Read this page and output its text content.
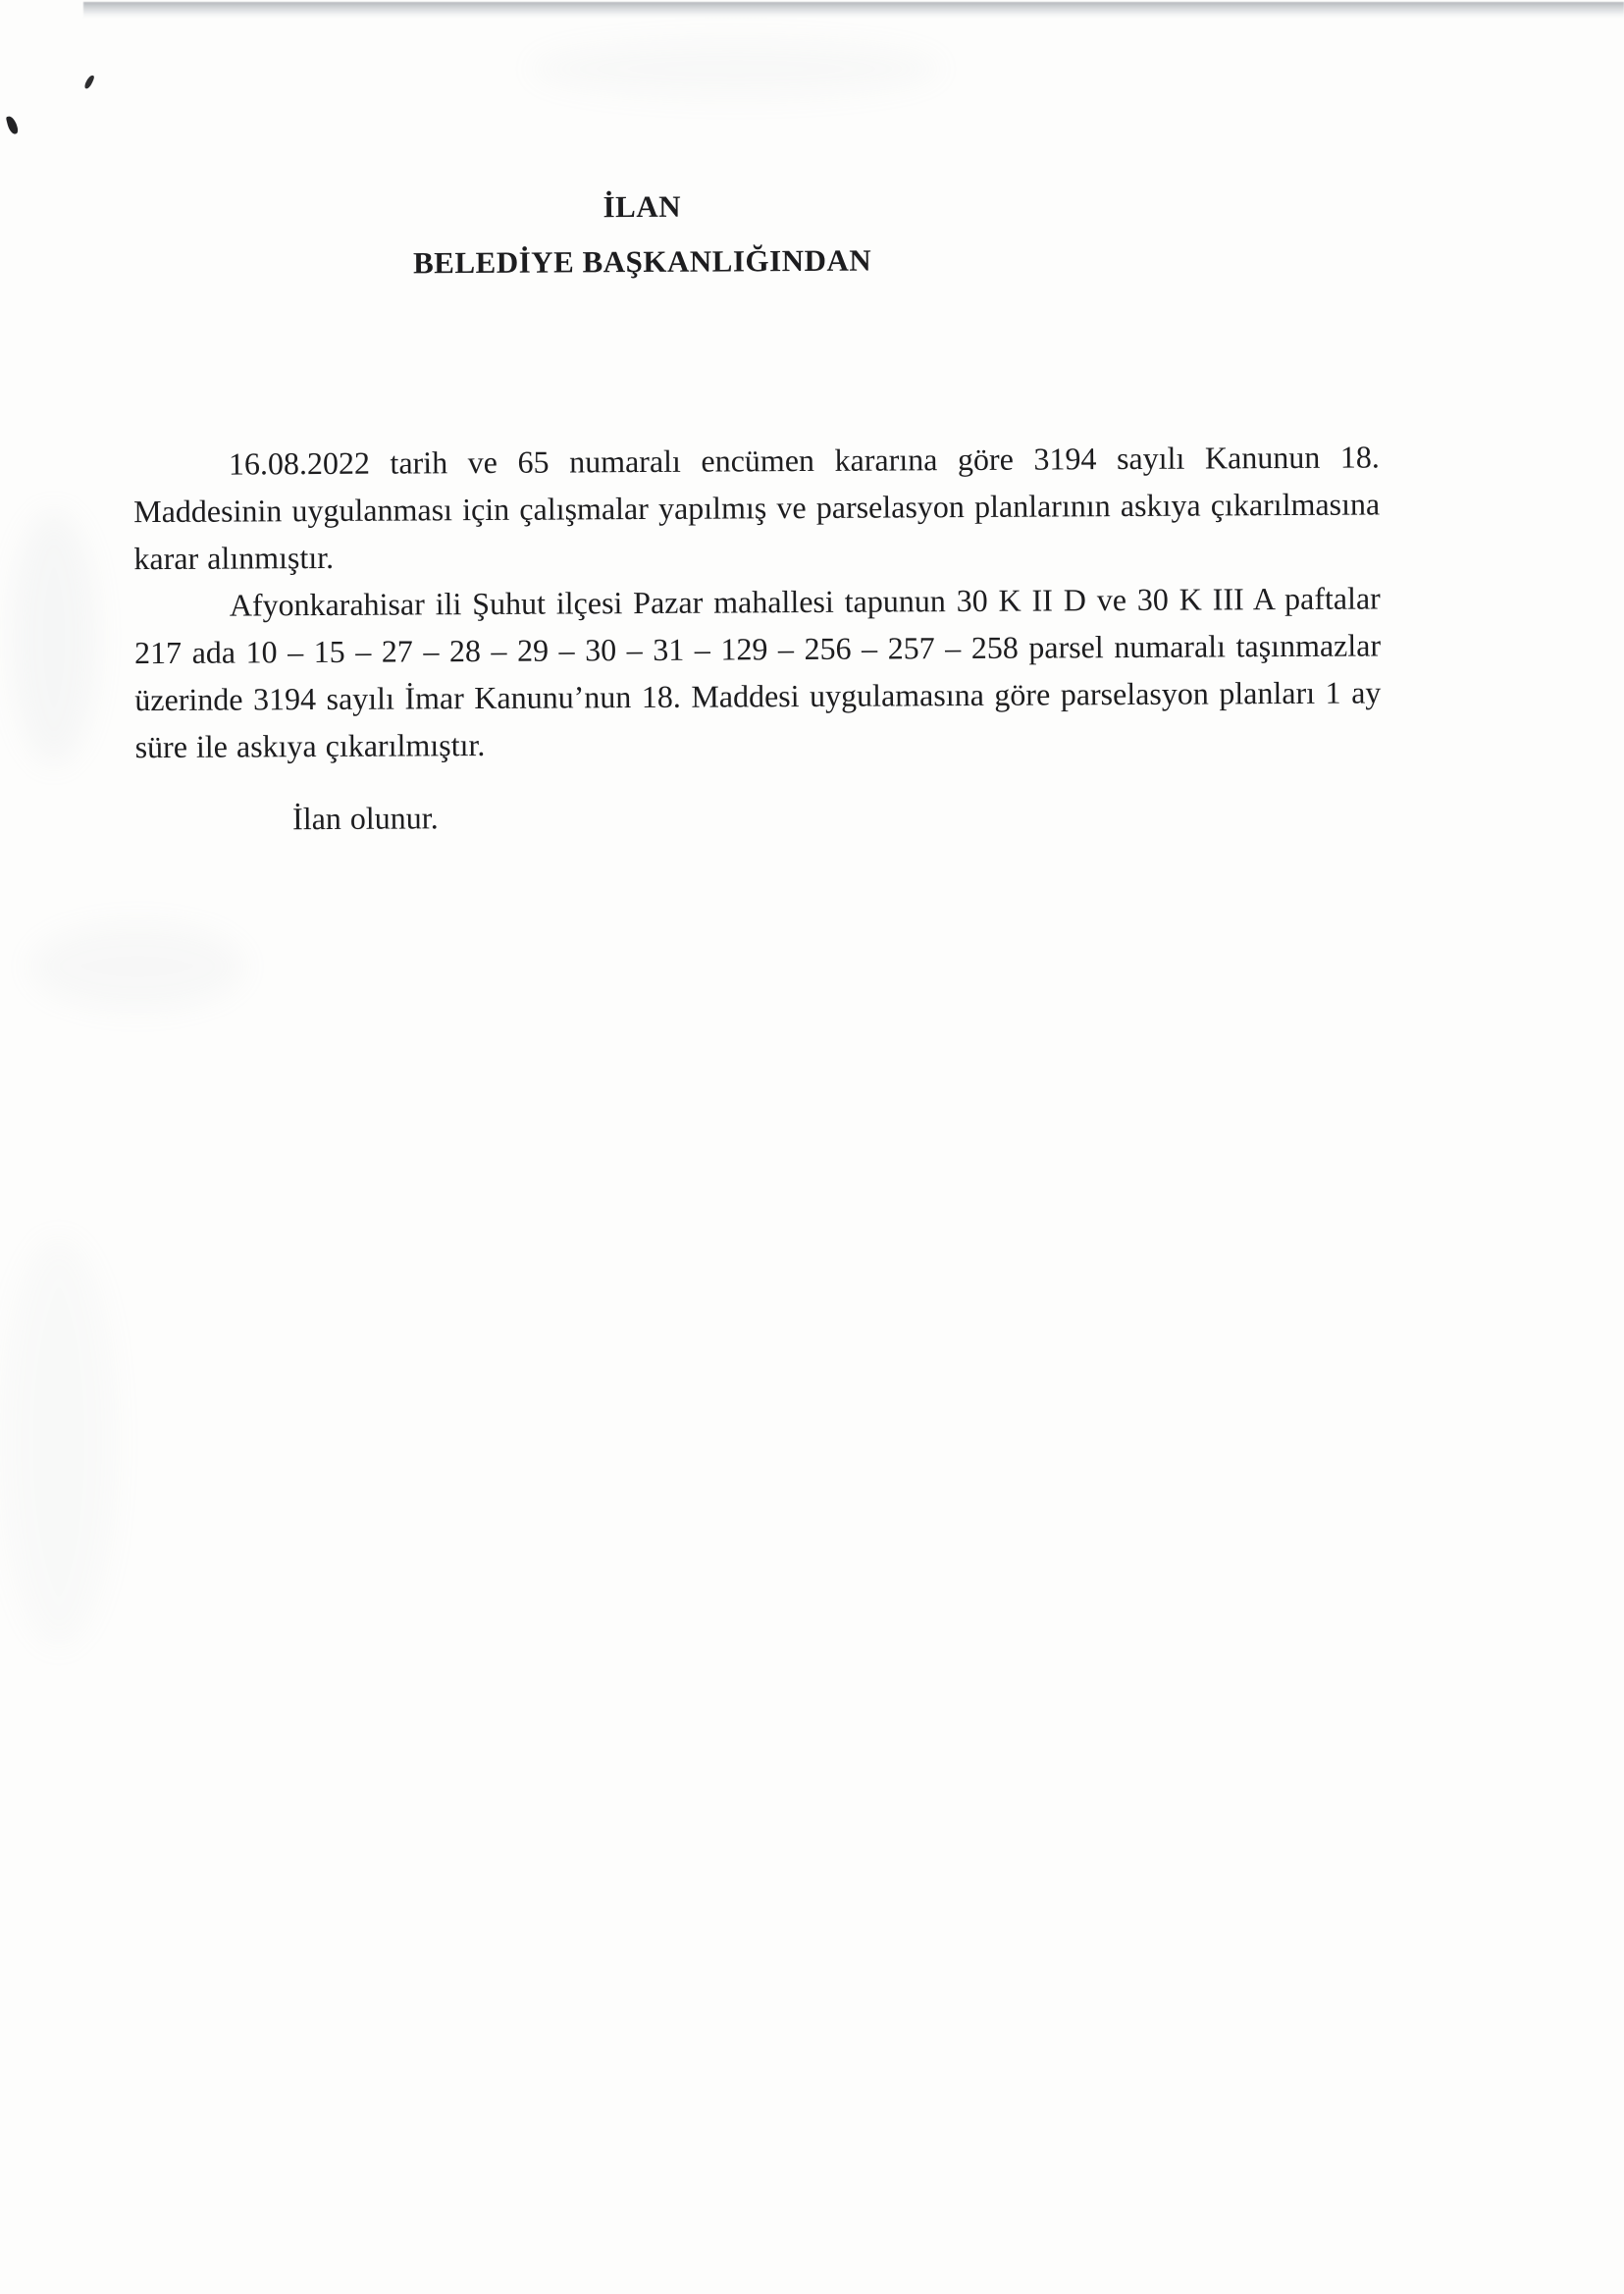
İLAN
BELEDİYE BAŞKANLIĞINDAN

16.08.2022 tarih ve 65 numaralı encümen kararına göre 3194 sayılı Kanunun 18. Maddesinin uygulanması için çalışmalar yapılmış ve parselasyon planlarının askıya çıkarılmasına karar alınmıştır.

Afyonkarahisar ili Şuhut ilçesi Pazar mahallesi tapunun 30 K II D ve 30 K III A paftalar 217 ada 10 – 15 – 27 – 28 – 29 – 30 – 31 – 129 – 256 – 257 – 258 parsel numaralı taşınmazlar üzerinde 3194 sayılı İmar Kanunu’nun 18. Maddesi uygulamasına göre parselasyon planları 1 ay süre ile askıya çıkarılmıştır.

İlan olunur.
